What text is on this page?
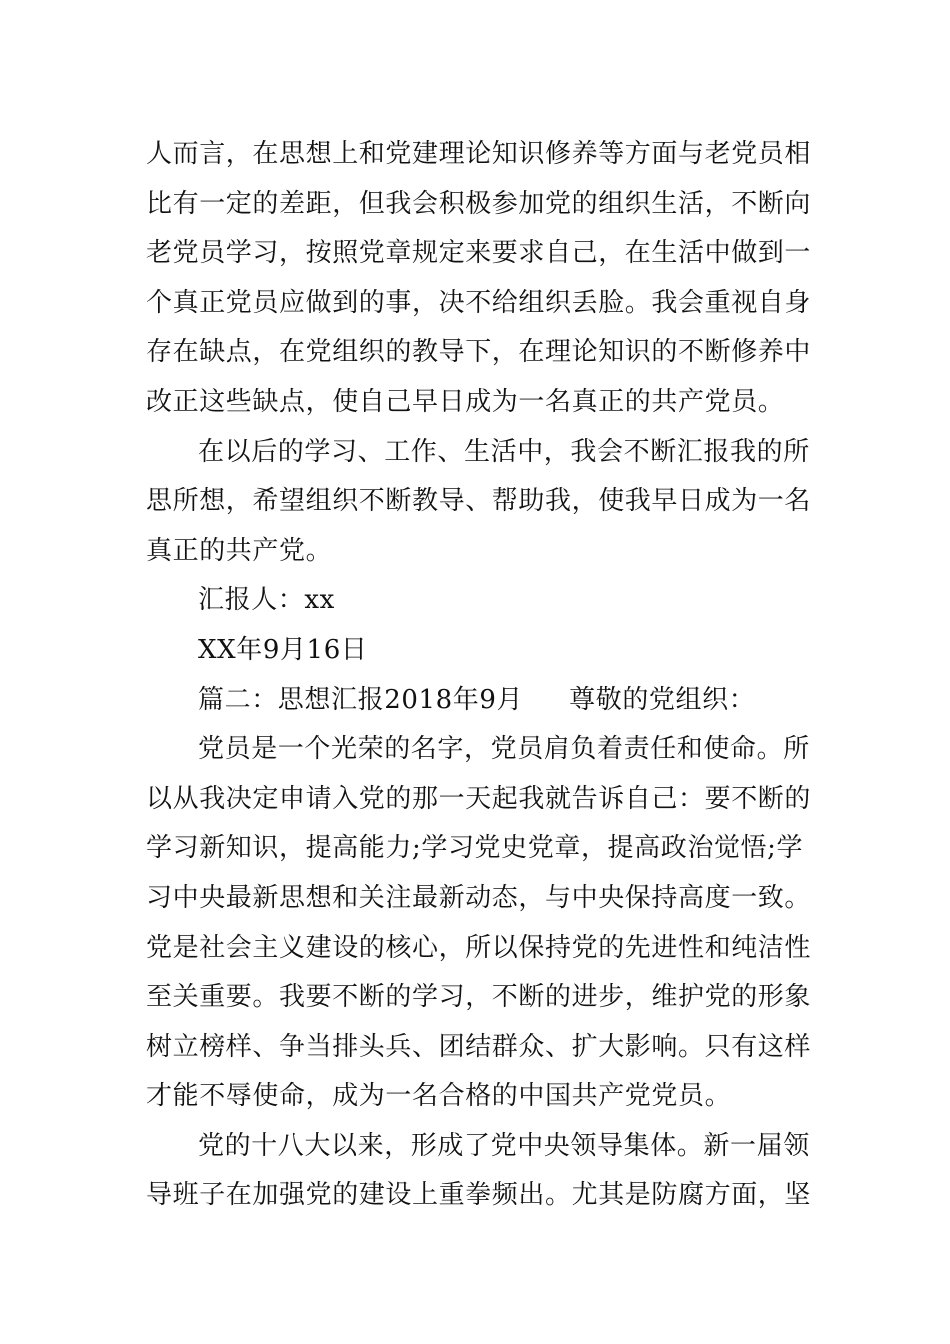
人而言，在思想上和党建理论知识修养等方面与老党员相
比有一定的差距，但我会积极参加党的组织生活，不断向
老党员学习，按照党章规定来要求自己，在生活中做到一
个真正党员应做到的事，决不给组织丢脸。我会重视自身
存在缺点，在党组织的教导下，在理论知识的不断修养中
改正这些缺点，使自己早日成为一名真正的共产党员。

在以后的学习、工作、生活中，我会不断汇报我的所
思所想，希望组织不断教导、帮助我，使我早日成为一名
真正的共产党。

汇报人：xx

XX年9月16日

篇二：思想汇报2018年9月 尊敬的党组织：

党员是一个光荣的名字，党员肩负着责任和使命。所
以从我决定申请入党的那一天起我就告诉自己：要不断的
学习新知识，提高能力;学习党史党章，提高政治觉悟;学
习中央最新思想和关注最新动态，与中央保持高度一致。
党是社会主义建设的核心，所以保持党的先进性和纯洁性
至关重要。我要不断的学习，不断的进步，维护党的形象
树立榜样、争当排头兵、团结群众、扩大影响。只有这样
才能不辱使命，成为一名合格的中国共产党党员。

党的十八大以来，形成了党中央领导集体。新一届领
导班子在加强党的建设上重拳频出。尤其是防腐方面，坚
